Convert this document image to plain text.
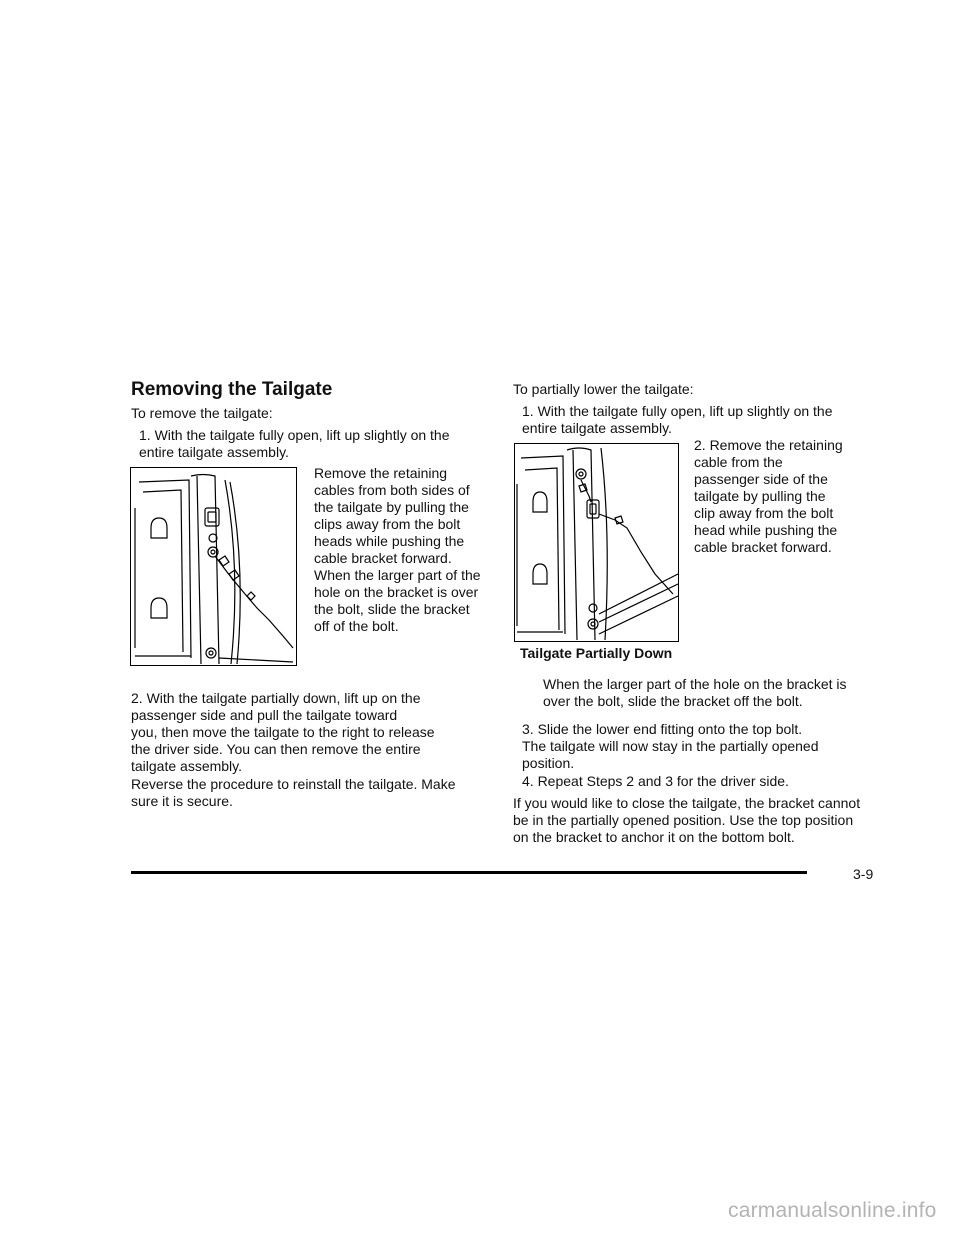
Removing the Tailgate
To remove the tailgate:
1. With the tailgate fully open, lift up slightly on the
entire tailgate assembly.
Remove the retaining
cables from both sides of
the tailgate by pulling the
clips away from the bolt
heads while pushing the
cable bracket forward.
When the larger part of the
hole on the bracket is over
the bolt, slide the bracket
off of the bolt.
2. With the tailgate partially down, lift up on the
passenger side and pull the tailgate toward
you, then move the tailgate to the right to release
the driver side. You can then remove the entire
tailgate assembly.
Reverse the procedure to reinstall the tailgate. Make
sure it is secure.
To partially lower the tailgate:
1. With the tailgate fully open, lift up slightly on the
entire tailgate assembly.
Tailgate Partially Down
2. Remove the retaining
cable from the
passenger side of the
tailgate by pulling the
clip away from the bolt
head while pushing the
cable bracket forward.
When the larger part of the hole on the bracket is
over the bolt, slide the bracket off the bolt.
3. Slide the lower end fitting onto the top bolt.
The tailgate will now stay in the partially opened
position.
4. Repeat Steps 2 and 3 for the driver side.
If you would like to close the tailgate, the bracket cannot
be in the partially opened position. Use the top position
on the bracket to anchor it on the bottom bolt.
3-9
carmanualsonline.info
